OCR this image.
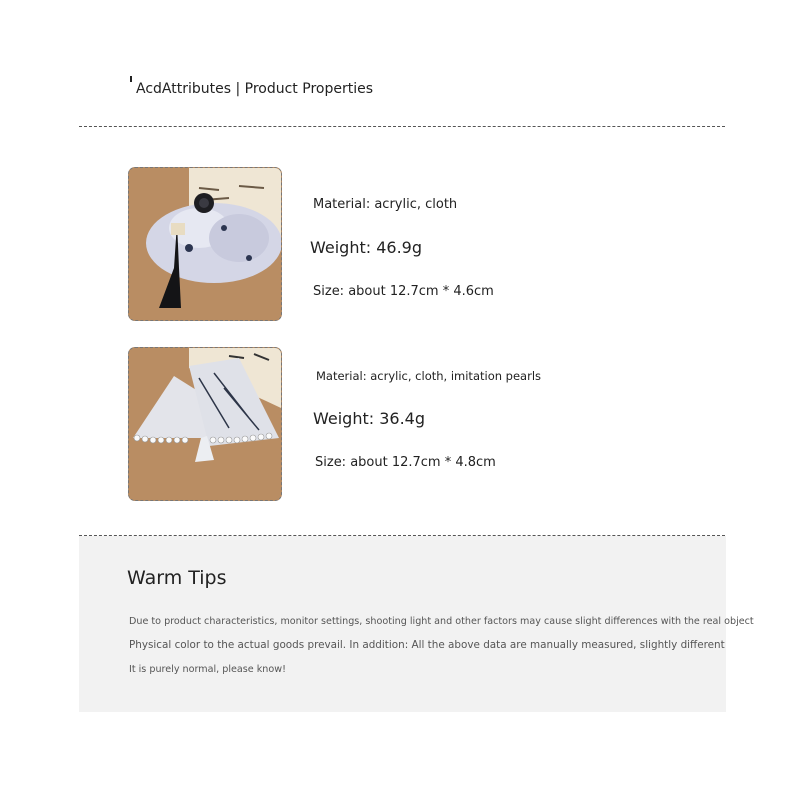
AcdAttributes | Product Properties
Material: acrylic, cloth
Weight: 46.9g
Size: about 12.7cm * 4.6cm
Material: acrylic, cloth, imitation pearls
Weight: 36.4g
Size: about 12.7cm * 4.8cm
Warm Tips
Due to product characteristics, monitor settings, shooting light and other factors may cause slight differences with the real object
Physical color to the actual goods prevail. In addition: All the above data are manually measured, slightly different
It is purely normal, please know!
